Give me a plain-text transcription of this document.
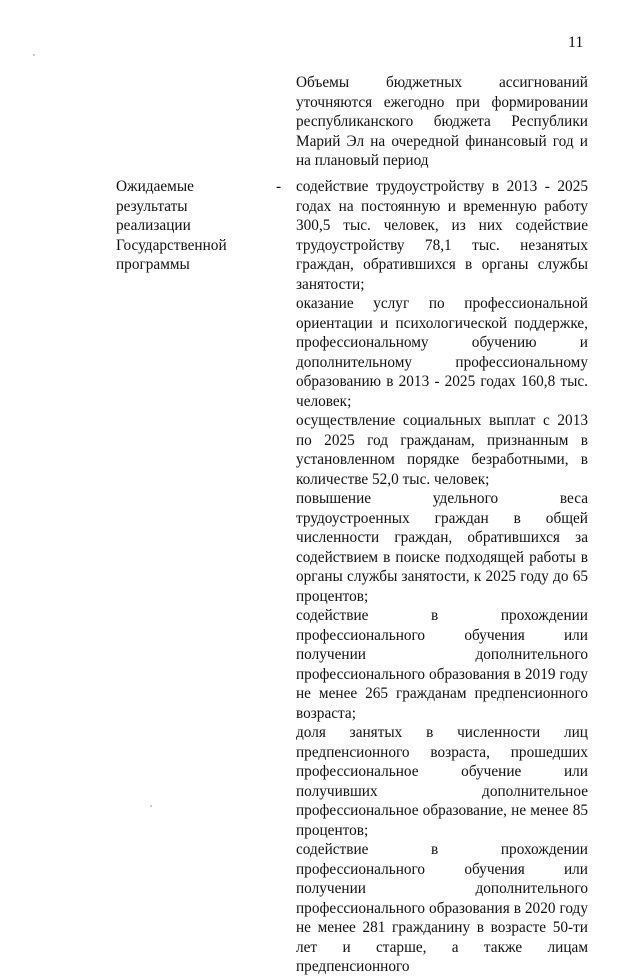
11

Объемы бюджетных ассигнований уточняются ежегодно при формировании республиканского бюджета Республики Марий Эл на очередной финансовый год и на плановый период

Ожидаемые
результаты
реализации
Государственной
программы
- содействие трудоустройству в 2013 - 2025 годах на постоянную и временную работу 300,5 тыс. человек, из них содействие трудоустройству 78,1 тыс. незанятых граждан, обратившихся в органы службы занятости;

оказание услуг по профессиональной ориентации и психологической поддержке, профессиональному обучению и дополнительному профессиональному образованию в 2013 - 2025 годах 160,8 тыс. человек;

осуществление социальных выплат с 2013 по 2025 год гражданам, признанным в установленном порядке безработными, в количестве 52,0 тыс. человек;

повышение удельного веса трудоустроенных граждан в общей численности граждан, обратившихся за содействием в поиске подходящей работы в органы службы занятости, к 2025 году до 65 процентов;

содействие в прохождении профессионального обучения или получении дополнительного профессионального образования в 2019 году не менее 265 гражданам предпенсионного возраста;

доля занятых в численности лиц предпенсионного возраста, прошедших профессиональное обучение или получивших дополнительное профессиональное образование, не менее 85 процентов;

содействие в прохождении профессионального обучения или получении дополнительного профессионального образования в 2020 году не менее 281 гражданину в возрасте 50-ти лет и старше, а также лицам предпенсионного
